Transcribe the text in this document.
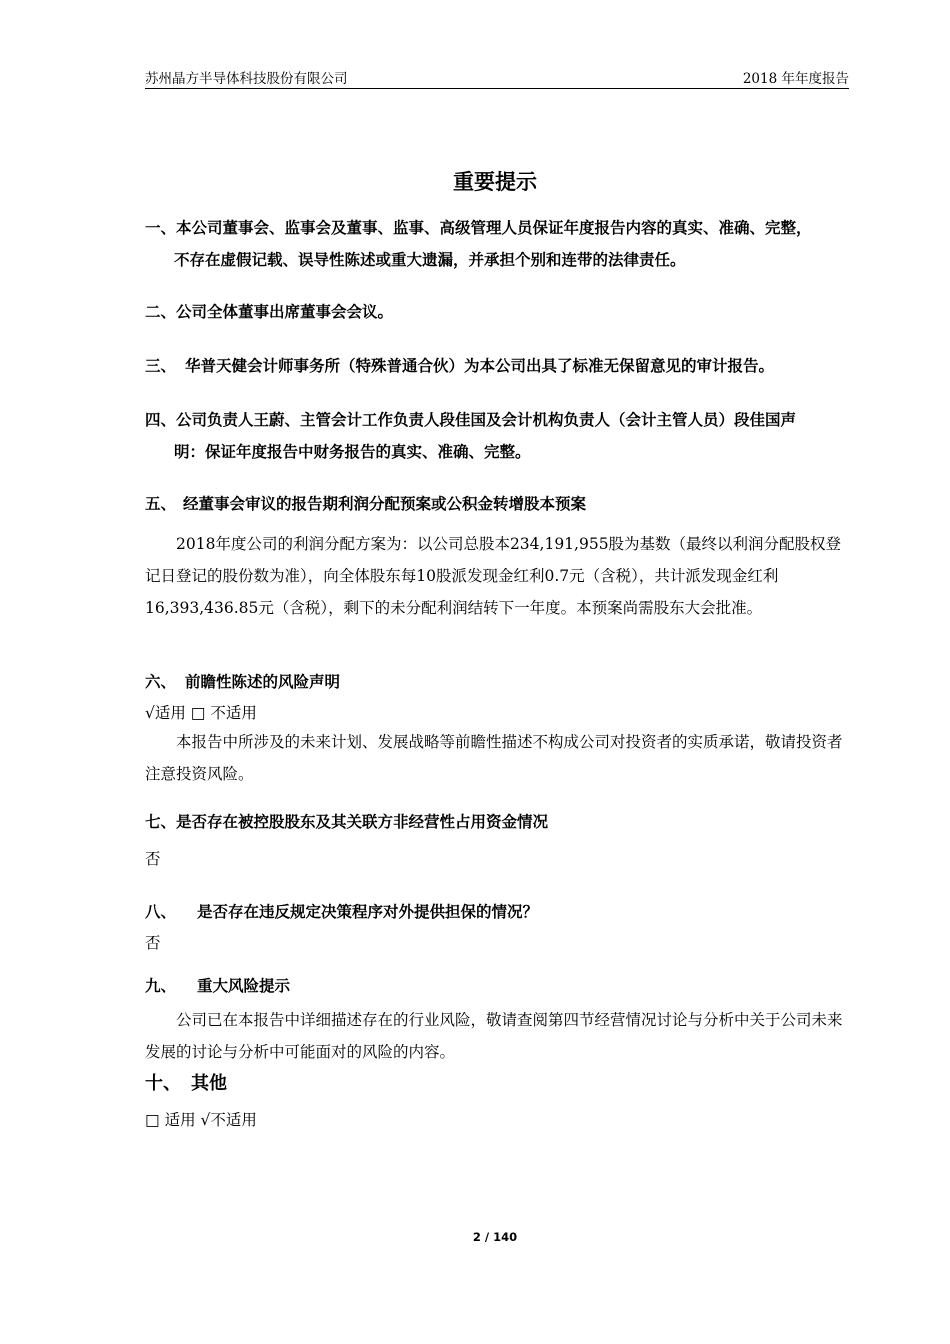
苏州晶方半导体科技股份有限公司	2018 年年度报告
重要提示
一、本公司董事会、监事会及董事、监事、高级管理人员保证年度报告内容的真实、准确、完整，
不存在虚假记载、误导性陈述或重大遗漏，并承担个别和连带的法律责任。
二、公司全体董事出席董事会会议。
三、 华普天健会计师事务所（特殊普通合伙）为本公司出具了标准无保留意见的审计报告。
四、公司负责人王蔚、主管会计工作负责人段佳国及会计机构负责人（会计主管人员）段佳国声
明：保证年度报告中财务报告的真实、准确、完整。
五、 经董事会审议的报告期利润分配预案或公积金转增股本预案
2018年度公司的利润分配方案为：以公司总股本234,191,955股为基数（最终以利润分配股权登记日登记的股份数为准），向全体股东每10股派发现金红利0.7元（含税），共计派发现金红利16,393,436.85元（含税），剩下的未分配利润结转下一年度。本预案尚需股东大会批准。
六、 前瞻性陈述的风险声明
√适用 □ 不适用
本报告中所涉及的未来计划、发展战略等前瞻性描述不构成公司对投资者的实质承诺，敬请投资者注意投资风险。
七、是否存在被控股股东及其关联方非经营性占用资金情况
否
八、 是否存在违反规定决策程序对外提供担保的情况？
否
九、 重大风险提示
公司已在本报告中详细描述存在的行业风险，敬请查阅第四节经营情况讨论与分析中关于公司未来发展的讨论与分析中可能面对的风险的内容。
十、 其他
□ 适用 √不适用
2 / 140
